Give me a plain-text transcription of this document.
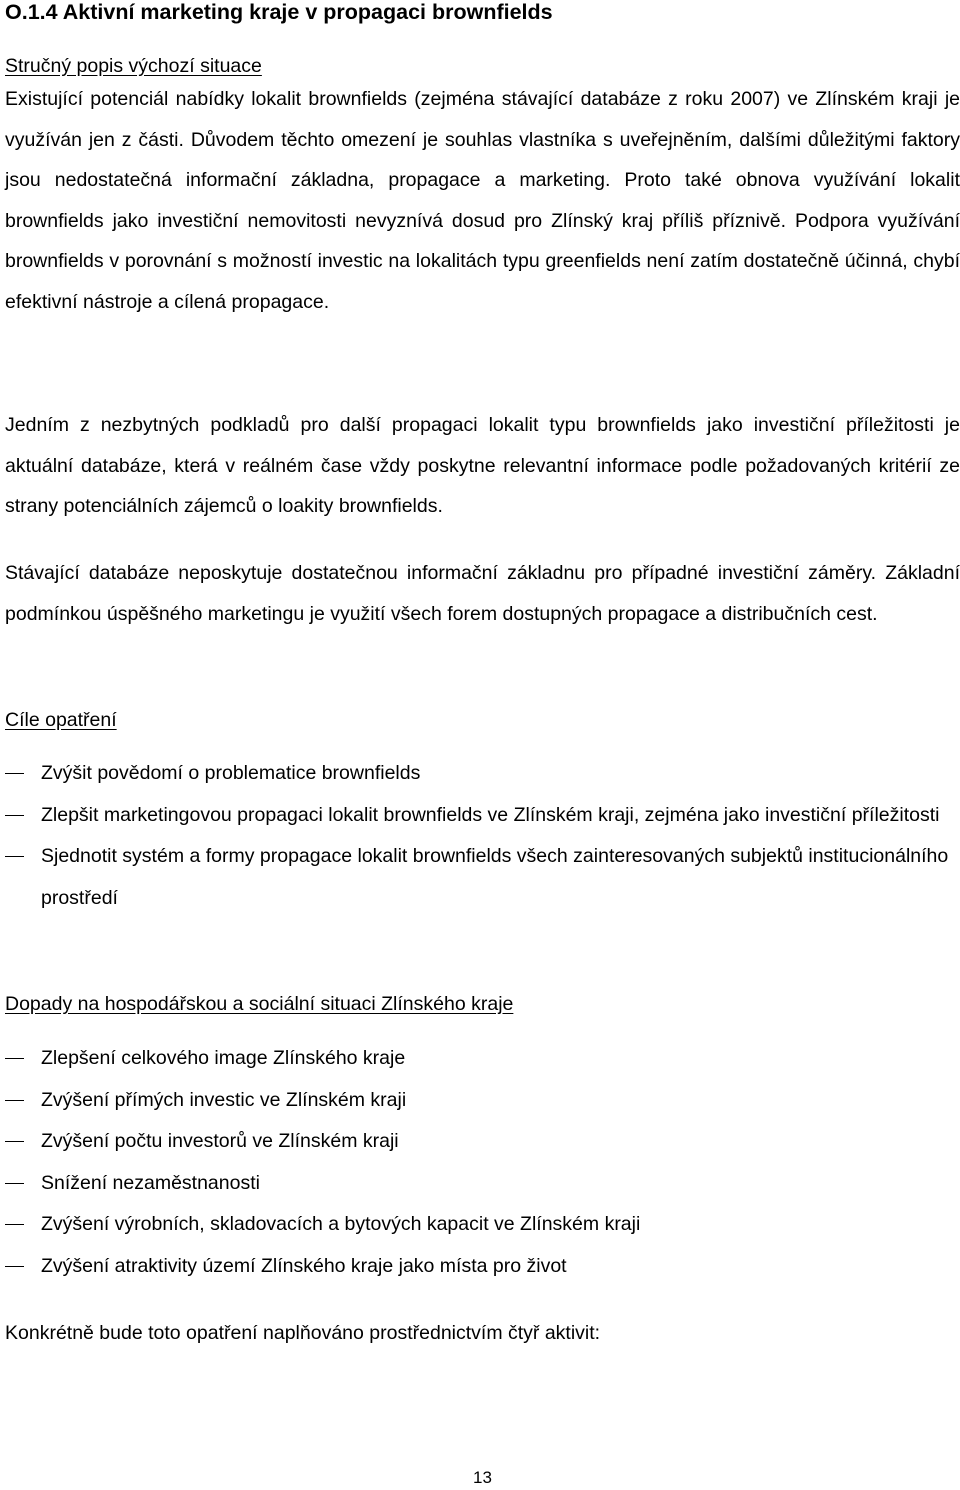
O.1.4 Aktivní marketing kraje v propagaci brownfields
Stručný popis výchozí situace

Existující potenciál nabídky lokalit brownfields (zejména stávající databáze z roku 2007) ve Zlínském kraji je využíván jen z části. Důvodem těchto omezení je souhlas vlastníka s uveřejněním, dalšími důležitými faktory jsou nedostatečná informační základna, propagace a marketing. Proto také obnova využívání lokalit brownfields jako investiční nemovitosti nevyznívá dosud pro Zlínský kraj příliš příznivě. Podpora využívání brownfields v porovnání s možností investic na lokalitách typu greenfields není zatím dostatečně účinná, chybí efektivní nástroje a cílená propagace.

Jedním z nezbytných podkladů pro další propagaci lokalit typu brownfields jako investiční příležitosti je aktuální databáze, která v reálném čase vždy poskytne relevantní informace podle požadovaných kritérií ze strany potenciálních zájemců o loakity brownfields.

Stávající databáze neposkytuje dostatečnou informační základnu pro případné investiční záměry. Základní podmínkou úspěšného marketingu je využití všech forem dostupných propagace a distribučních cest.

Cíle opatření
Zvýšit povědomí o problematice brownfields
Zlepšit marketingovou propagaci lokalit brownfields ve Zlínském kraji, zejména jako investiční příležitosti
Sjednotit systém a formy propagace lokalit brownfields všech zainteresovaných subjektů institucionálního prostředí
Dopady na hospodářskou a sociální situaci Zlínského kraje
Zlepšení celkového image Zlínského kraje
Zvýšení přímých investic ve Zlínském kraji
Zvýšení počtu investorů ve Zlínském kraji
Snížení nezaměstnanosti
Zvýšení výrobních, skladovacích a bytových kapacit ve Zlínském kraji
Zvýšení atraktivity území Zlínského kraje jako místa pro život

Konkrétně bude toto opatření naplňováno prostřednictvím čtyř aktivit:

13
